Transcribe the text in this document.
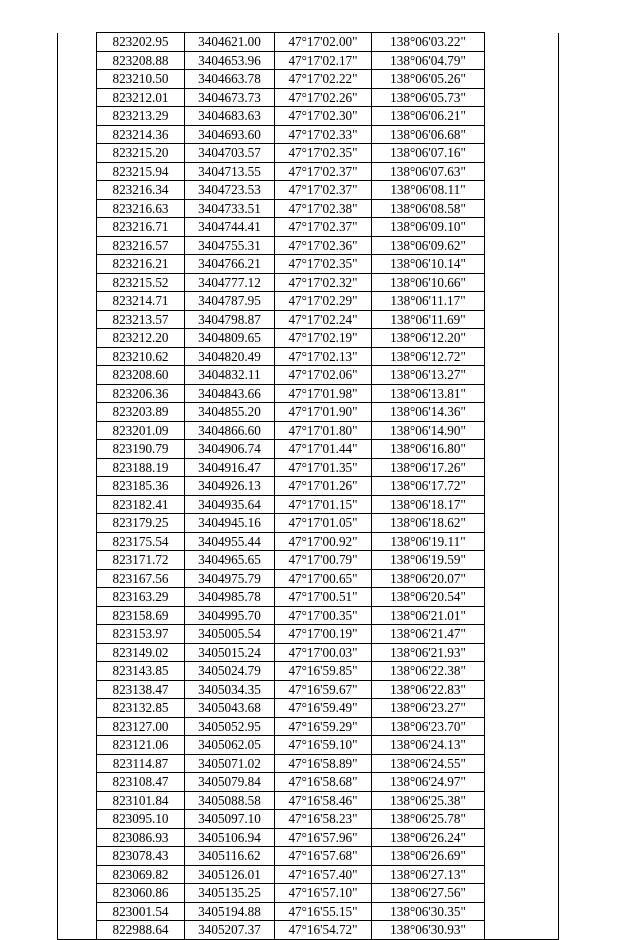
	823202.95	3404621.00	47°17'02.00"	138°06'03.22"	
	823208.88	3404653.96	47°17'02.17"	138°06'04.79"	
	823210.50	3404663.78	47°17'02.22"	138°06'05.26"	
	823212.01	3404673.73	47°17'02.26"	138°06'05.73"	
	823213.29	3404683.63	47°17'02.30"	138°06'06.21"	
	823214.36	3404693.60	47°17'02.33"	138°06'06.68"	
	823215.20	3404703.57	47°17'02.35"	138°06'07.16"	
	823215.94	3404713.55	47°17'02.37"	138°06'07.63"	
	823216.34	3404723.53	47°17'02.37"	138°06'08.11"	
	823216.63	3404733.51	47°17'02.38"	138°06'08.58"	
	823216.71	3404744.41	47°17'02.37"	138°06'09.10"	
	823216.57	3404755.31	47°17'02.36"	138°06'09.62"	
	823216.21	3404766.21	47°17'02.35"	138°06'10.14"	
	823215.52	3404777.12	47°17'02.32"	138°06'10.66"	
	823214.71	3404787.95	47°17'02.29"	138°06'11.17"	
	823213.57	3404798.87	47°17'02.24"	138°06'11.69"	
	823212.20	3404809.65	47°17'02.19"	138°06'12.20"	
	823210.62	3404820.49	47°17'02.13"	138°06'12.72"	
	823208.60	3404832.11	47°17'02.06"	138°06'13.27"	
	823206.36	3404843.66	47°17'01.98"	138°06'13.81"	
	823203.89	3404855.20	47°17'01.90"	138°06'14.36"	
	823201.09	3404866.60	47°17'01.80"	138°06'14.90"	
	823190.79	3404906.74	47°17'01.44"	138°06'16.80"	
	823188.19	3404916.47	47°17'01.35"	138°06'17.26"	
	823185.36	3404926.13	47°17'01.26"	138°06'17.72"	
	823182.41	3404935.64	47°17'01.15"	138°06'18.17"	
	823179.25	3404945.16	47°17'01.05"	138°06'18.62"	
	823175.54	3404955.44	47°17'00.92"	138°06'19.11"	
	823171.72	3404965.65	47°17'00.79"	138°06'19.59"	
	823167.56	3404975.79	47°17'00.65"	138°06'20.07"	
	823163.29	3404985.78	47°17'00.51"	138°06'20.54"	
	823158.69	3404995.70	47°17'00.35"	138°06'21.01"	
	823153.97	3405005.54	47°17'00.19"	138°06'21.47"	
	823149.02	3405015.24	47°17'00.03"	138°06'21.93"	
	823143.85	3405024.79	47°16'59.85"	138°06'22.38"	
	823138.47	3405034.35	47°16'59.67"	138°06'22.83"	
	823132.85	3405043.68	47°16'59.49"	138°06'23.27"	
	823127.00	3405052.95	47°16'59.29"	138°06'23.70"	
	823121.06	3405062.05	47°16'59.10"	138°06'24.13"	
	823114.87	3405071.02	47°16'58.89"	138°06'24.55"	
	823108.47	3405079.84	47°16'58.68"	138°06'24.97"	
	823101.84	3405088.58	47°16'58.46"	138°06'25.38"	
	823095.10	3405097.10	47°16'58.23"	138°06'25.78"	
	823086.93	3405106.94	47°16'57.96"	138°06'26.24"	
	823078.43	3405116.62	47°16'57.68"	138°06'26.69"	
	823069.82	3405126.01	47°16'57.40"	138°06'27.13"	
	823060.86	3405135.25	47°16'57.10"	138°06'27.56"	
	823001.54	3405194.88	47°16'55.15"	138°06'30.35"	
	822988.64	3405207.37	47°16'54.72"	138°06'30.93"	
